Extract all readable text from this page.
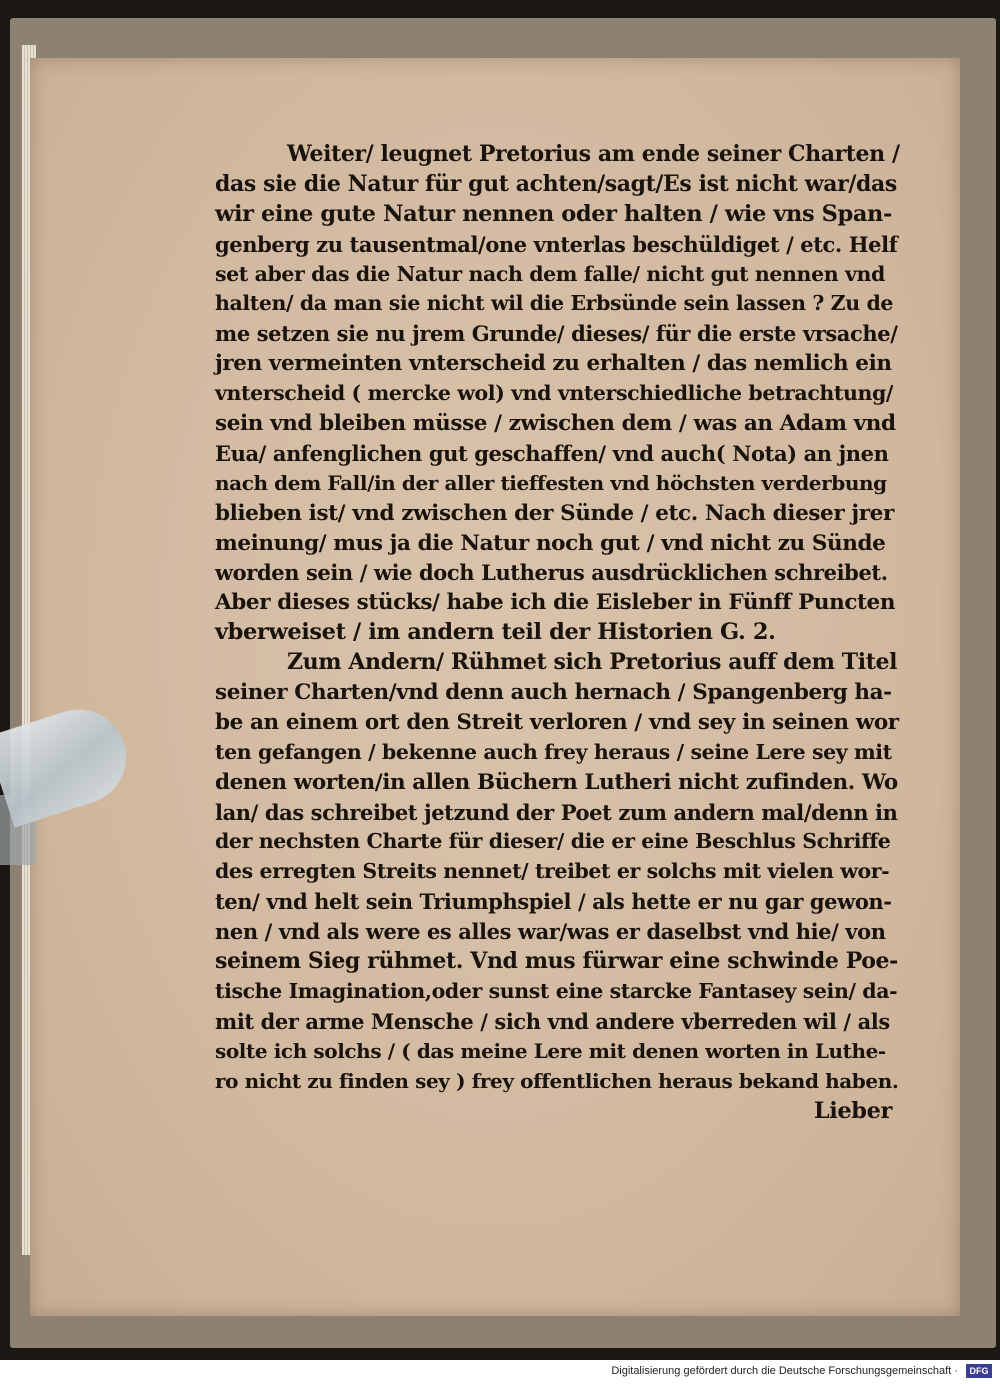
Weiter/ leugnet Pretorius am ende seiner Charten /
das sie die Natur für gut achten/sagt/Es ist nicht war/das
wir eine gute Natur nennen oder halten / wie vns Span-
genberg zu tausentmal/one vnterlas beschüldiget / etc. Helf
set aber das die Natur nach dem falle/ nicht gut nennen vnd
halten/ da man sie nicht wil die Erbsünde sein lassen ? Zu de
me setzen sie nu jrem Grunde/ dieses/ für die erste vrsache/
jren vermeinten vnterscheid zu erhalten / das nemlich ein
vnterscheid ( mercke wol) vnd vnterschiedliche betrachtung/
sein vnd bleiben müsse / zwischen dem / was an Adam vnd
Eua/ anfenglichen gut geschaffen/ vnd auch( Nota) an jnen
nach dem Fall/in der aller tieffesten vnd höchsten verderbung
blieben ist/ vnd zwischen der Sünde / etc. Nach dieser jrer
meinung/ mus ja die Natur noch gut / vnd nicht zu Sünde
worden sein / wie doch Lutherus ausdrücklichen schreibet.
Aber dieses stücks/ habe ich die Eisleber in Fünff Puncten
vberweiset / im andern teil der Historien G. 2.
Zum Andern/ Rühmet sich Pretorius auff dem Titel
seiner Charten/vnd denn auch hernach / Spangenberg ha-
be an einem ort den Streit verloren / vnd sey in seinen wor
ten gefangen / bekenne auch frey heraus / seine Lere sey mit
denen worten/in allen Büchern Lutheri nicht zufinden. Wo
lan/ das schreibet jetzund der Poet zum andern mal/denn in
der nechsten Charte für dieser/ die er eine Beschlus Schriffe
des erregten Streits nennet/ treibet er solchs mit vielen wor-
ten/ vnd helt sein Triumphspiel / als hette er nu gar gewon-
nen / vnd als were es alles war/was er daselbst vnd hie/ von
seinem Sieg rühmet. Vnd mus fürwar eine schwinde Poe-
tische Imagination,oder sunst eine starcke Fantasey sein/ da-
mit der arme Mensche / sich vnd andere vberreden wil / als
solte ich solchs / ( das meine Lere mit denen worten in Luthe-
ro nicht zu finden sey ) frey offentlichen heraus bekand haben.
Lieber
Digitalisierung gefördert durch die Deutsche Forschungsgemeinschaft ·	DFG
